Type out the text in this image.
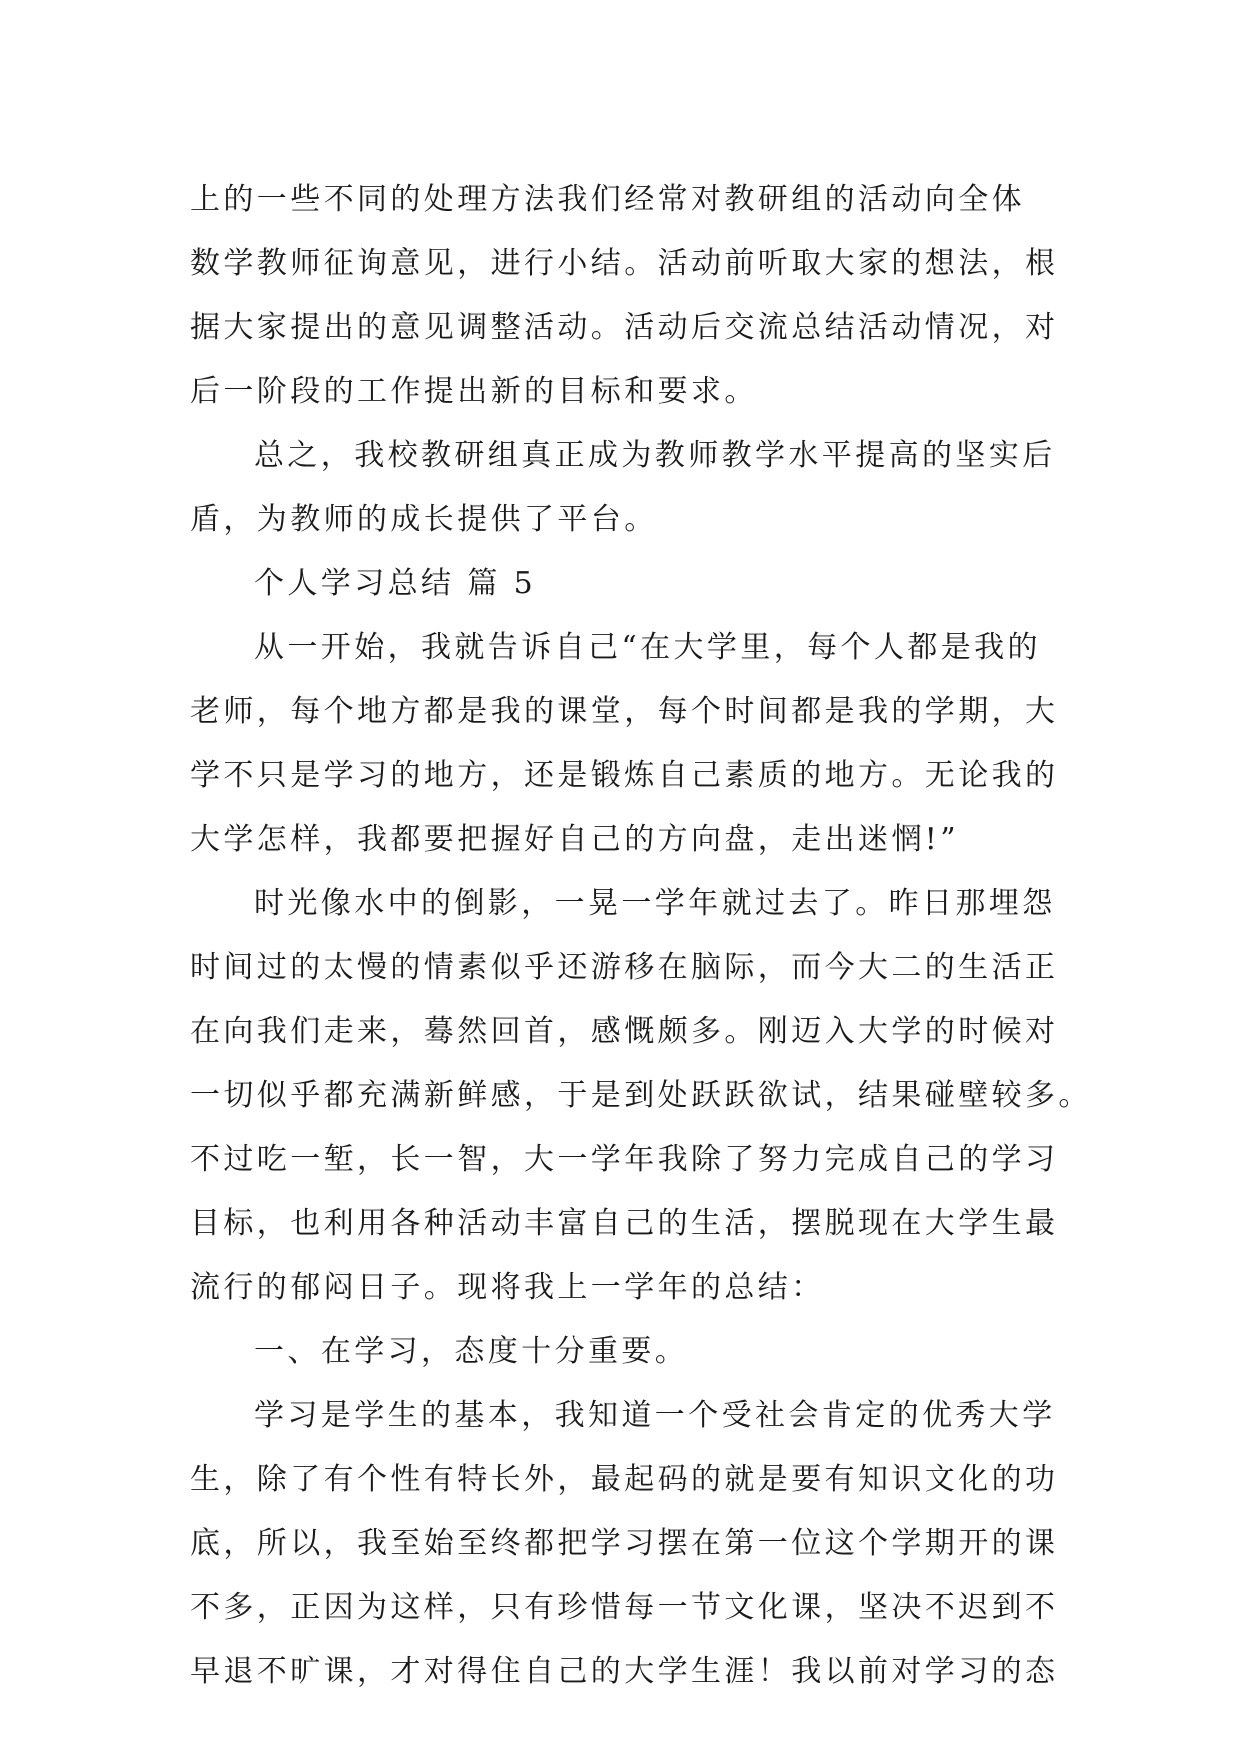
上的一些不同的处理方法我们经常对教研组的活动向全体
数学教师征询意见，进行小结。活动前听取大家的想法，根
据大家提出的意见调整活动。活动后交流总结活动情况，对
后一阶段的工作提出新的目标和要求。
总之，我校教研组真正成为教师教学水平提高的坚实后
盾，为教师的成长提供了平台。
个人学习总结 篇 5
从一开始，我就告诉自己“在大学里，每个人都是我的
老师，每个地方都是我的课堂，每个时间都是我的学期，大
学不只是学习的地方，还是锻炼自己素质的地方。无论我的
大学怎样，我都要把握好自己的方向盘，走出迷惘!”
时光像水中的倒影，一晃一学年就过去了。昨日那埋怨
时间过的太慢的情素似乎还游移在脑际，而今大二的生活正
在向我们走来，蓦然回首，感慨颇多。刚迈入大学的时候对
一切似乎都充满新鲜感，于是到处跃跃欲试，结果碰壁较多。
不过吃一堑，长一智，大一学年我除了努力完成自己的学习
目标，也利用各种活动丰富自己的生活，摆脱现在大学生最
流行的郁闷日子。现将我上一学年的总结：
一、在学习，态度十分重要。
学习是学生的基本，我知道一个受社会肯定的优秀大学
生，除了有个性有特长外，最起码的就是要有知识文化的功
底，所以，我至始至终都把学习摆在第一位这个学期开的课
不多，正因为这样，只有珍惜每一节文化课，坚决不迟到不
早退不旷课，才对得住自己的大学生涯！我以前对学习的态
